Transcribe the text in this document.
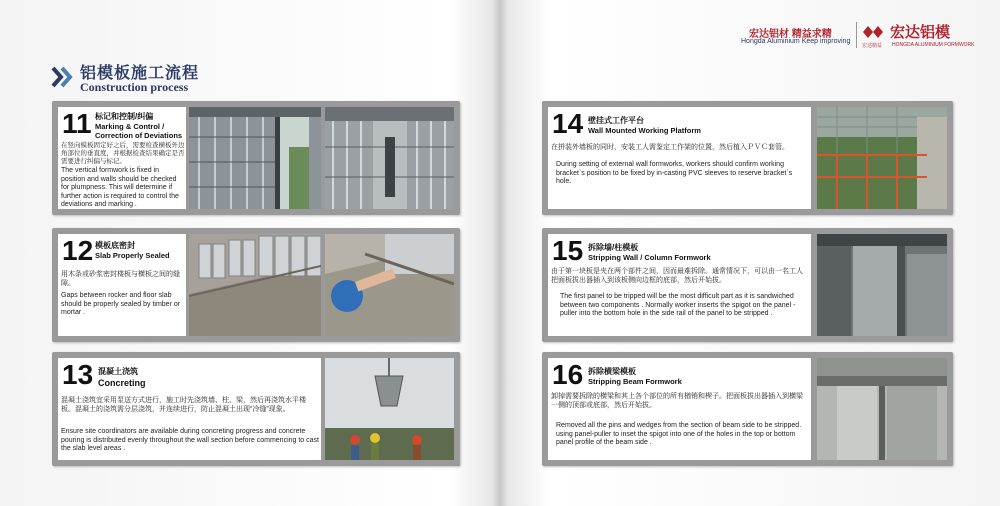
铝模板施工流程
Construction process
宏达铝材 精益求精
Hongda Aluminium Keep improving
宏达铝模
宏达精益 HONGDA ALUMINIUM FORMWORK
11 标记和控制/纠偏
Marking & Control /
Correction of Deviations
在竖向模板固定好之后，需要检查横板外边角部位的垂直度，并根据检查结果确定是否需要进行纠偏与标记。
The vertical formwork is fixed in position and walls should be checked for plumpness. This will determine if further action is required to control the deviations and marking .
12 模板底密封
Slab Properly Sealed
用木条或砂浆密封楼板与横板之间的缝隙。
Gaps between rocker and floor slab should be properly sealed by timber or mortar .
13 混凝土浇筑
Concreting
混凝土浇筑宜采用泵送方式进行，施工时先浇筑墙、柱、梁，然后再浇筑水平楼板。混凝土的浇筑需分层浇筑，并连续进行，防止混凝土出现“冷缝”现象。
Ensure site coordinators are available during concreting progress and concrete pouring is distributed evenly throughout the wall section before commencing to cast the slab level areas .
14 壁挂式工作平台
Wall Mounted Working Platform
在拼装外墙板的同时，安装工人需鉴定工作架的位置，然后植入ＰＶＣ套管。
During setting of external wall formworks, workers should confirm working bracket`s position to be fixed by in-casting PVC sleeves to reserve bracket`s hole.
15 拆除墙/柱模板
Stripping Wall / Column Formwork
由于第一块板是夹在两个部件之间，因而最难拆除。通常情况下，可以由一名工人把面板拔出器插入到该板侧向边框的底部，然后开始拔。
The first panel to be tripped will be the most difficult part as it is sandwiched between two components . Normally worker inserts the spigot on the panel -puller into the bottom hole in the side rail of the panel to be stripped .
16 拆除横梁模板
Stripping Beam Formwork
卸掉需要拆除的横梁和其上各个部位的所有楢销和楔子。把面板拔出器插入到横梁一侧的顶部或底部，然后开始拔。
Removed all the pins and wedges from the section of beam side to be stripped. using panel-puller to inset the spigot into one of the holes in the top or bottom panel profile of the beam side .
